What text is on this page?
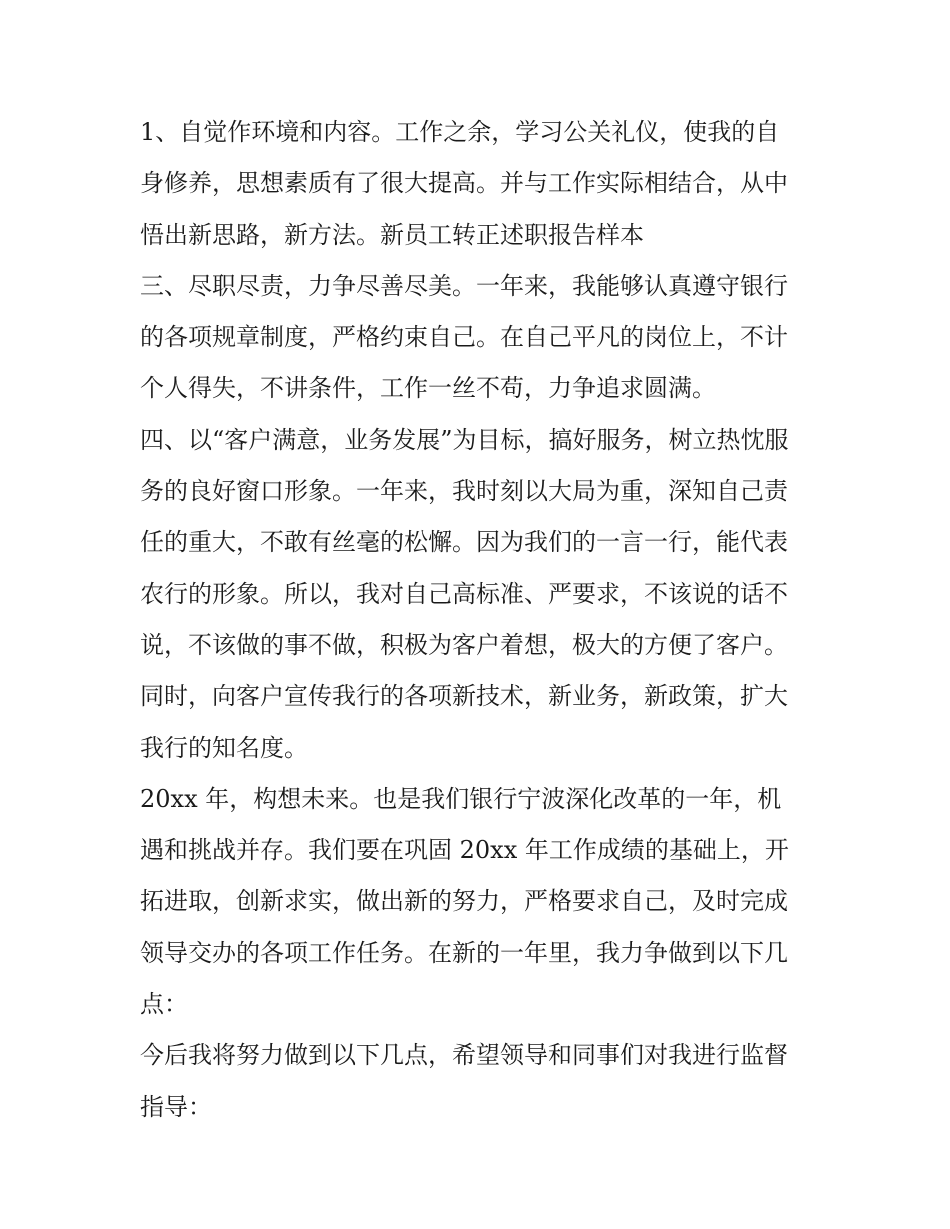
1、自觉作环境和内容。工作之余，学习公关礼仪，使我的自
身修养，思想素质有了很大提高。并与工作实际相结合，从中
悟出新思路，新方法。新员工转正述职报告样本
三、尽职尽责，力争尽善尽美。一年来，我能够认真遵守银行
的各项规章制度，严格约束自己。在自己平凡的岗位上，不计
个人得失，不讲条件，工作一丝不苟，力争追求圆满。
四、以“客户满意，业务发展”为目标，搞好服务，树立热忱服
务的良好窗口形象。一年来，我时刻以大局为重，深知自己责
任的重大，不敢有丝毫的松懈。因为我们的一言一行，能代表
农行的形象。所以，我对自己高标准、严要求，不该说的话不
说，不该做的事不做，积极为客户着想，极大的方便了客户。
同时，向客户宣传我行的各项新技术，新业务，新政策，扩大
我行的知名度。
20xx 年，构想未来。也是我们银行宁波深化改革的一年，机
遇和挑战并存。我们要在巩固 20xx 年工作成绩的基础上，开
拓进取，创新求实，做出新的努力，严格要求自己，及时完成
领导交办的各项工作任务。在新的一年里，我力争做到以下几
点：
今后我将努力做到以下几点，希望领导和同事们对我进行监督
指导：
